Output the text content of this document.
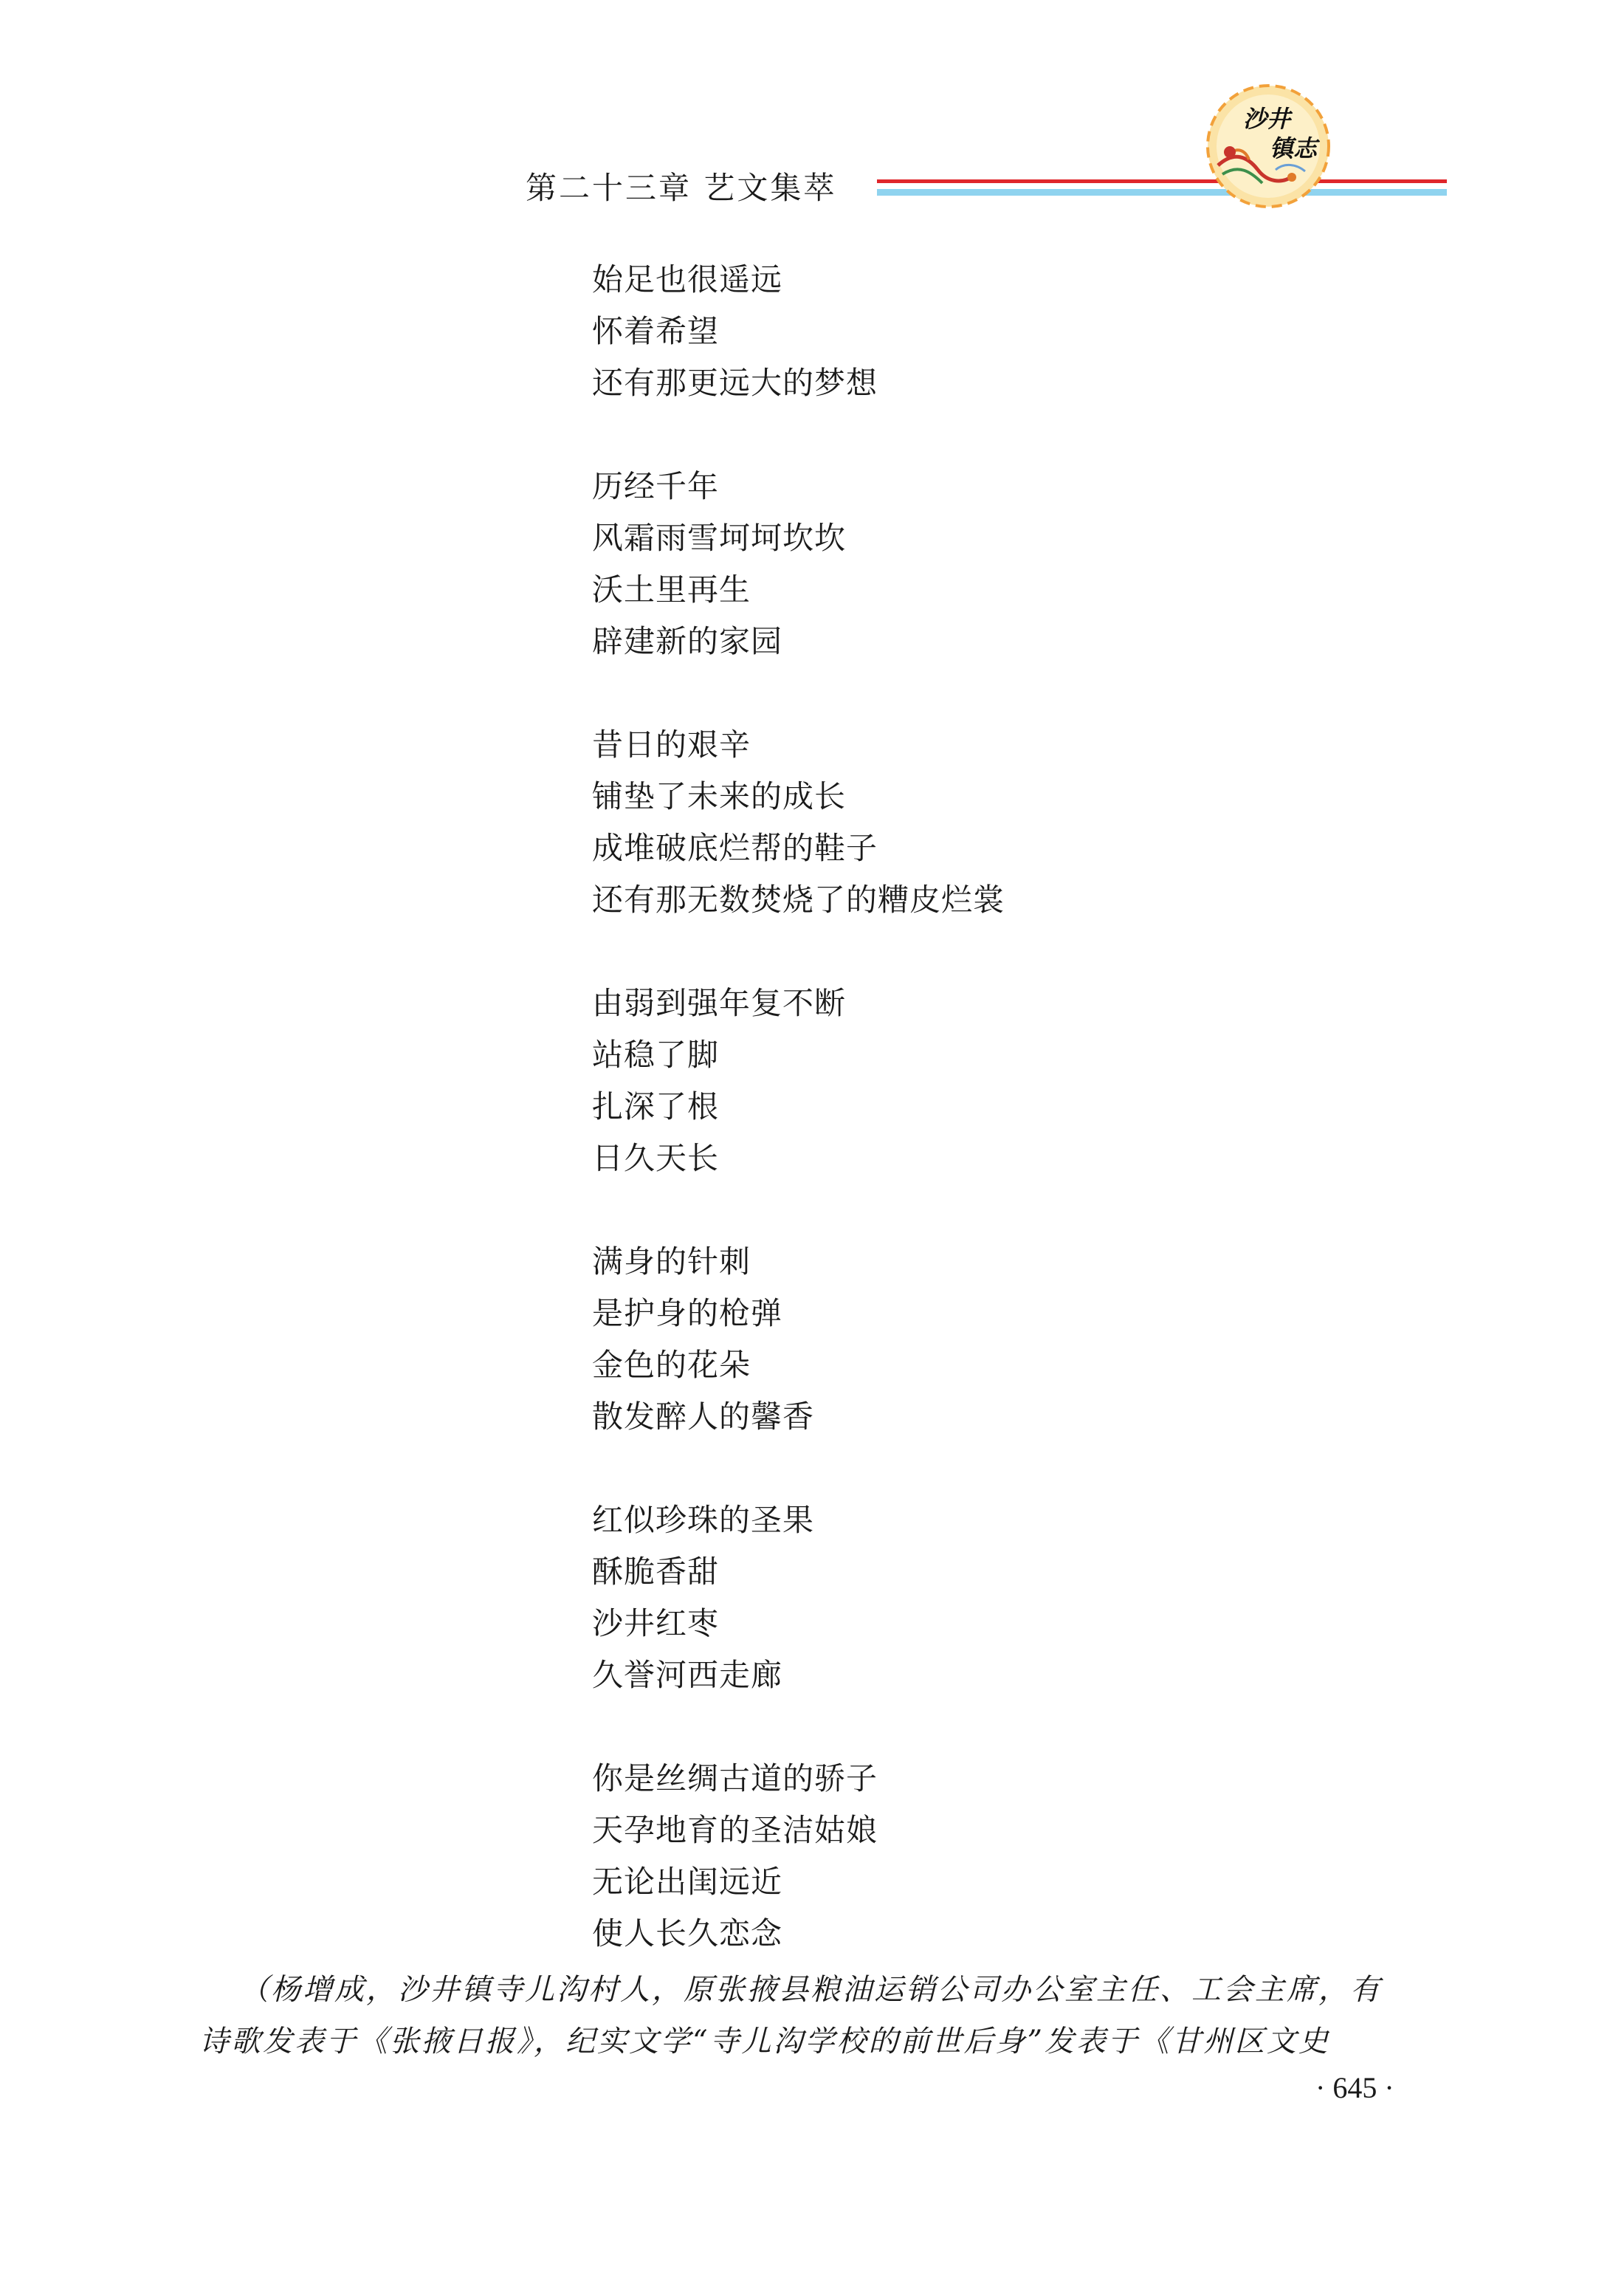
第二十三章 艺文集萃
沙井
镇志
始足也很遥远
怀着希望
还有那更远大的梦想
历经千年
风霜雨雪坷坷坎坎
沃土里再生
辟建新的家园
昔日的艰辛
铺垫了未来的成长
成堆破底烂帮的鞋子
还有那无数焚烧了的糟皮烂裳
由弱到强年复不断
站稳了脚
扎深了根
日久天长
满身的针刺
是护身的枪弹
金色的花朵
散发醉人的馨香
红似珍珠的圣果
酥脆香甜
沙井红枣
久誉河西走廊
你是丝绸古道的骄子
天孕地育的圣洁姑娘
无论出闺远近
使人长久恋念
（杨增成，沙井镇寺儿沟村人，原张掖县粮油运销公司办公室主任、工会主席，有
诗歌发表于《张掖日报》，纪实文学“寺儿沟学校的前世后身”发表于《甘州区文史
· 645 ·
